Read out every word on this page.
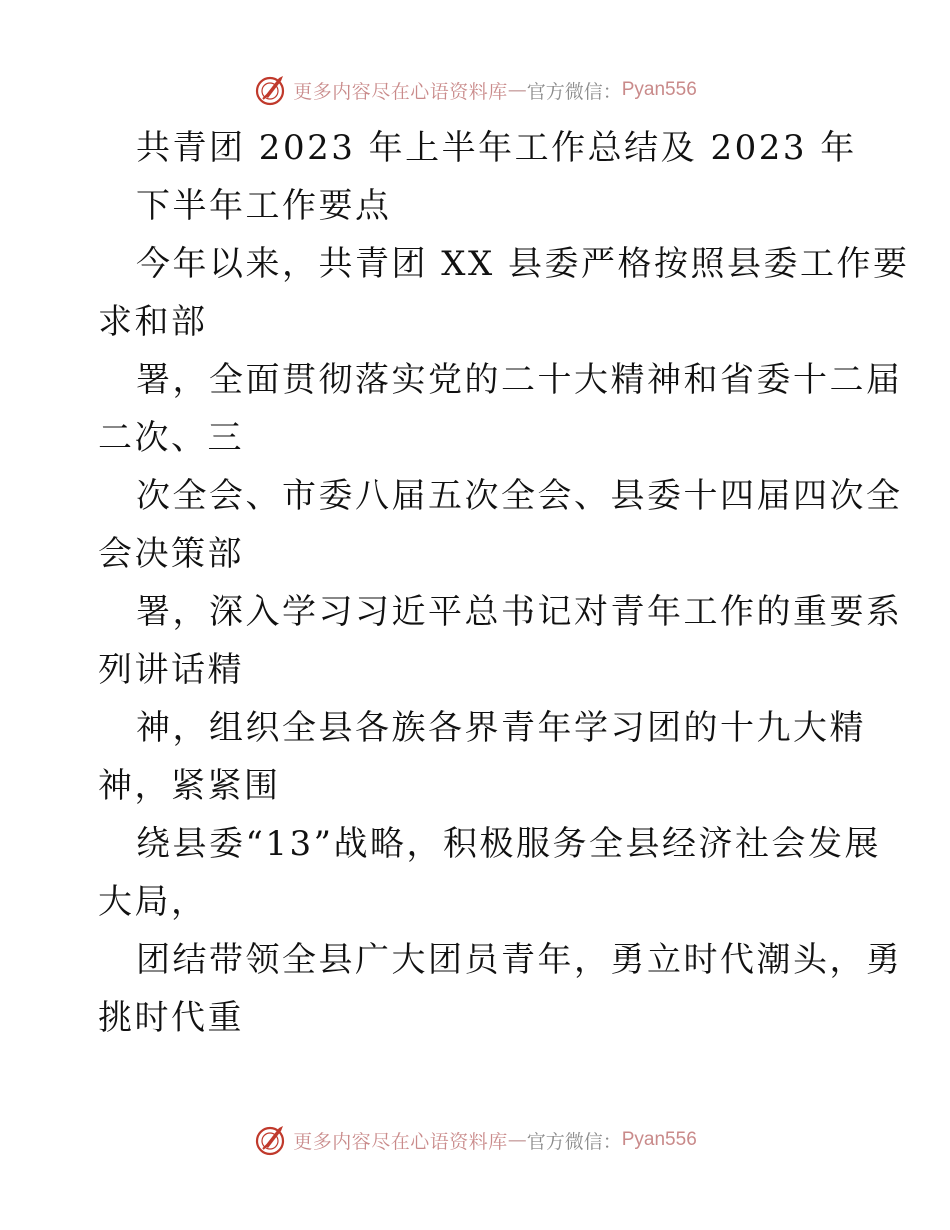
更多内容尽在心语资料库 — 官方微信： Pyan556
共青团 2023 年上半年工作总结及 2023 年
下半年工作要点
今年以来，共青团 XX 县委严格按照县委工作要
求和部
署，全面贯彻落实党的二十大精神和省委十二届
二次、三
次全会、市委八届五次全会、县委十四届四次全
会决策部
署，深入学习习近平总书记对青年工作的重要系
列讲话精
神，组织全县各族各界青年学习团的十九大精
神，紧紧围
绕县委“13”战略，积极服务全县经济社会发展
大局，
团结带领全县广大团员青年，勇立时代潮头，勇
挑时代重
更多内容尽在心语资料库 — 官方微信： Pyan556
